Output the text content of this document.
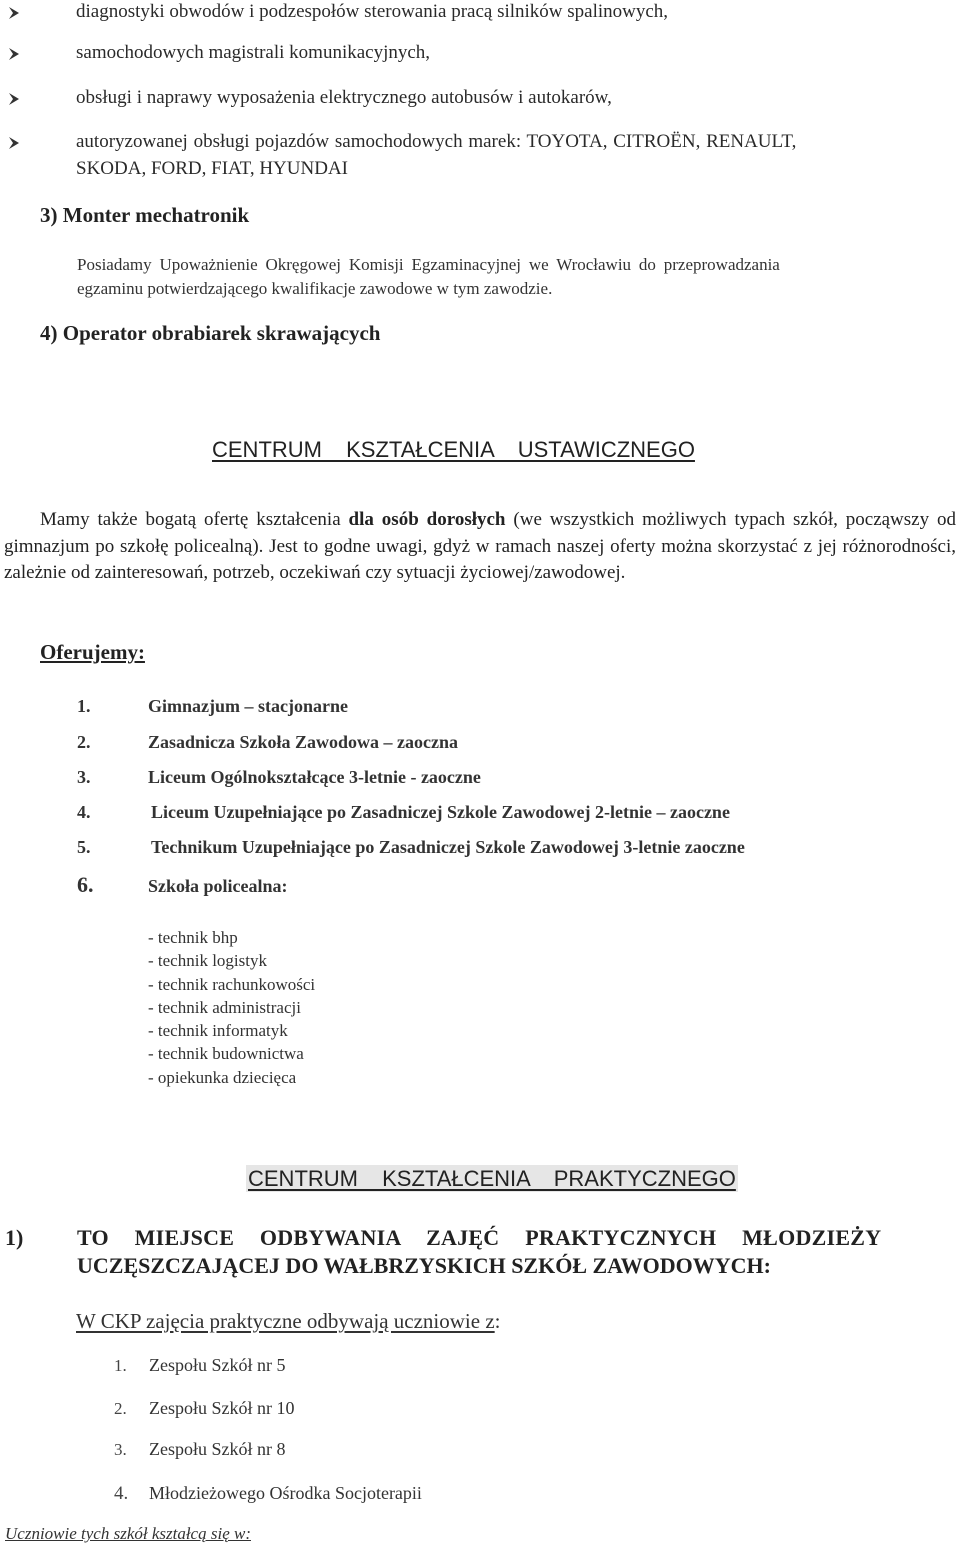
diagnostyki obwodów i podzespołów sterowania pracą silników spalinowych,
samochodowych magistrali komunikacyjnych,
obsługi i naprawy wyposażenia elektrycznego autobusów i autokarów,
autoryzowanej obsługi pojazdów samochodowych marek: TOYOTA, CITROËN, RENAULT,
SKODA, FORD, FIAT, HYUNDAI
3) Monter mechatronik
Posiadamy Upoważnienie Okręgowej Komisji Egzaminacyjnej we Wrocławiu do przeprowadzania
egzaminu potwierdzającego kwalifikacje zawodowe w tym zawodzie.
4) Operator obrabiarek skrawających
CENTRUM KSZTAŁCENIA USTAWICZNEGO
Mamy także bogatą ofertę kształcenia dla osób dorosłych (we wszystkich możliwych typach szkół, począwszy od gimnazjum po szkołę policealną). Jest to godne uwagi, gdyż w ramach naszej oferty można skorzystać z jej różnorodności, zależnie od zainteresowań, potrzeb, oczekiwań czy sytuacji życiowej/zawodowej.
Oferujemy:
1.	Gimnazjum – stacjonarne
2.	Zasadnicza Szkoła Zawodowa – zaoczna
3.	Liceum Ogólnokształcące 3-letnie - zaoczne
4.	Liceum Uzupełniające po Zasadniczej Szkole Zawodowej 2-letnie – zaoczne
5.	Technikum Uzupełniające po Zasadniczej Szkole Zawodowej 3-letnie zaoczne
6.	Szkoła policealna:
- technik bhp
- technik logistyk
- technik rachunkowości
- technik administracji
- technik informatyk
- technik budownictwa
- opiekunka dziecięca
CENTRUM KSZTAŁCENIA PRAKTYCZNEGO
1) TO MIEJSCE ODBYWANIA ZAJĘĆ PRAKTYCZNYCH MŁODZIEŻY
UCZĘSZCZAJĄCEJ DO WAŁBRZYSKICH SZKÓŁ ZAWODOWYCH:
W CKP zajęcia praktyczne odbywają uczniowie z:
1. Zespołu Szkół nr 5
2. Zespołu Szkół nr 10
3. Zespołu Szkół nr 8
4. Młodzieżowego Ośrodka Socjoterapii
Uczniowie tych szkół kształcą się w:
